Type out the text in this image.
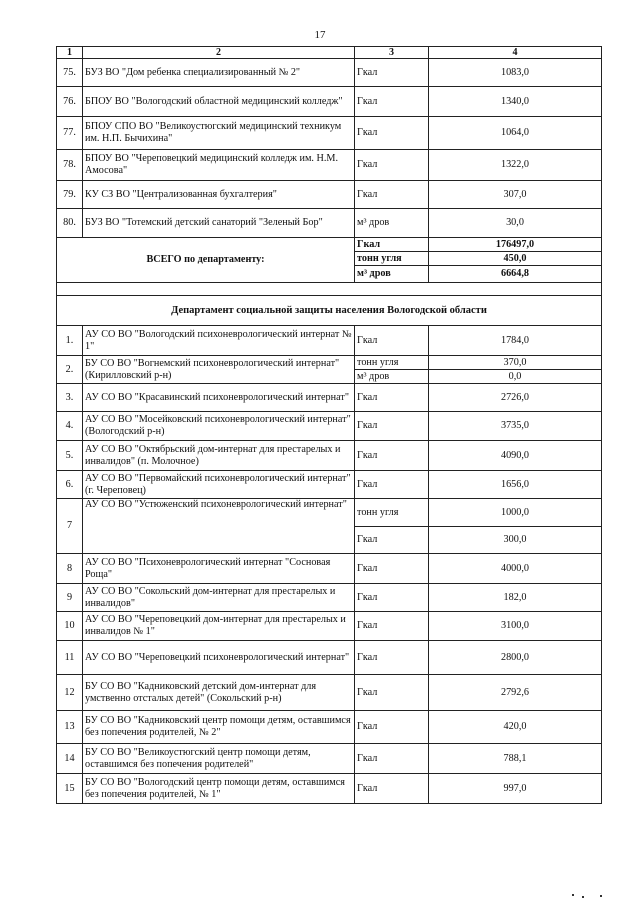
17
1	2	3	4
75.	БУЗ ВО "Дом ребенка специализированный № 2"	Гкал	1083,0
76.	БПОУ ВО "Вологодский областной медицинский колледж"	Гкал	1340,0
77.	БПОУ СПО ВО "Великоустюгский медицинский техникум им. Н.П. Бычихина"	Гкал	1064,0
78.	БПОУ ВО "Череповецкий медицинский колледж им. Н.М. Амосова"	Гкал	1322,0
79.	КУ СЗ ВО "Централизованная бухгалтерия"	Гкал	307,0
80.	БУЗ ВО "Тотемский детский санаторий "Зеленый Бор"	м³ дров	30,0
ВСЕГО по департаменту:		Гкал	176497,0
		тонн угля	450,0
		м³ дров	6664,8

Департамент социальной защиты населения Вологодской области			
1.	АУ СО ВО "Вологодский психоневрологический интернат № 1"	Гкал	1784,0
2.	БУ СО ВО "Вогнемский психоневрологический интернат" (Кирилловский р-н)	тонн угля	370,0
		м³ дров	0,0
3.	АУ СО ВО "Красавинский психоневрологический интернат"	Гкал	2726,0
4.	АУ СО ВО "Мосейковский психоневрологический интернат" (Вологодский р-н)	Гкал	3735,0
5.	АУ СО ВО "Октябрьский дом-интернат для престарелых и инвалидов" (п. Молочное)	Гкал	4090,0
6.	АУ СО ВО "Первомайский психоневрологический интернат" (г. Череповец)	Гкал	1656,0
7	АУ СО ВО "Устюженский психоневрологический интернат"	тонн угля	1000,0
		Гкал	300,0
8	АУ СО ВО "Психоневрологический интернат "Сосновая Роща"	Гкал	4000,0
9	АУ СО ВО "Сокольский дом-интернат для престарелых и инвалидов"	Гкал	182,0
10	АУ СО ВО "Череповецкий дом-интернат для престарелых и инвалидов № 1"	Гкал	3100,0
11	АУ СО ВО "Череповецкий психоневрологический интернат"	Гкал	2800,0
12	БУ СО ВО "Кадниковский детский дом-интернат для умственно отсталых детей" (Сокольский р-н)	Гкал	2792,6
13	БУ СО ВО "Кадниковский центр помощи детям, оставшимся без попечения родителей, № 2"	Гкал	420,0
14	БУ СО ВО "Великоустюгский центр помощи детям, оставшимся без попечения родителей"	Гкал	788,1
15	БУ СО ВО "Вологодский центр помощи детям, оставшимся без попечения родителей, № 1"	Гкал	997,0
